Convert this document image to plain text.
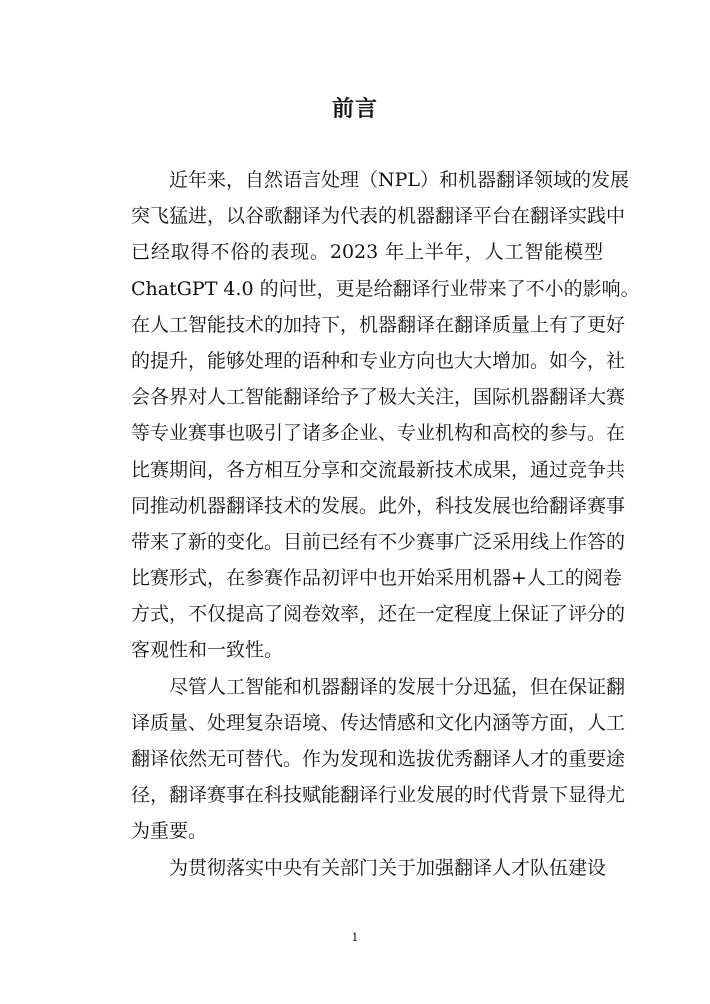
前言
近年来，自然语言处理（NPL）和机器翻译领域的发展
突飞猛进，以谷歌翻译为代表的机器翻译平台在翻译实践中
已经取得不俗的表现。2023 年上半年，人工智能模型
ChatGPT 4.0 的问世，更是给翻译行业带来了不小的影响。
在人工智能技术的加持下，机器翻译在翻译质量上有了更好
的提升，能够处理的语种和专业方向也大大增加。如今，社
会各界对人工智能翻译给予了极大关注，国际机器翻译大赛
等专业赛事也吸引了诸多企业、专业机构和高校的参与。在
比赛期间，各方相互分享和交流最新技术成果，通过竞争共
同推动机器翻译技术的发展。此外，科技发展也给翻译赛事
带来了新的变化。目前已经有不少赛事广泛采用线上作答的
比赛形式，在参赛作品初评中也开始采用机器+人工的阅卷
方式，不仅提高了阅卷效率，还在一定程度上保证了评分的
客观性和一致性。
尽管人工智能和机器翻译的发展十分迅猛，但在保证翻
译质量、处理复杂语境、传达情感和文化内涵等方面，人工
翻译依然无可替代。作为发现和选拔优秀翻译人才的重要途
径，翻译赛事在科技赋能翻译行业发展的时代背景下显得尤
为重要。
为贯彻落实中央有关部门关于加强翻译人才队伍建设
1
